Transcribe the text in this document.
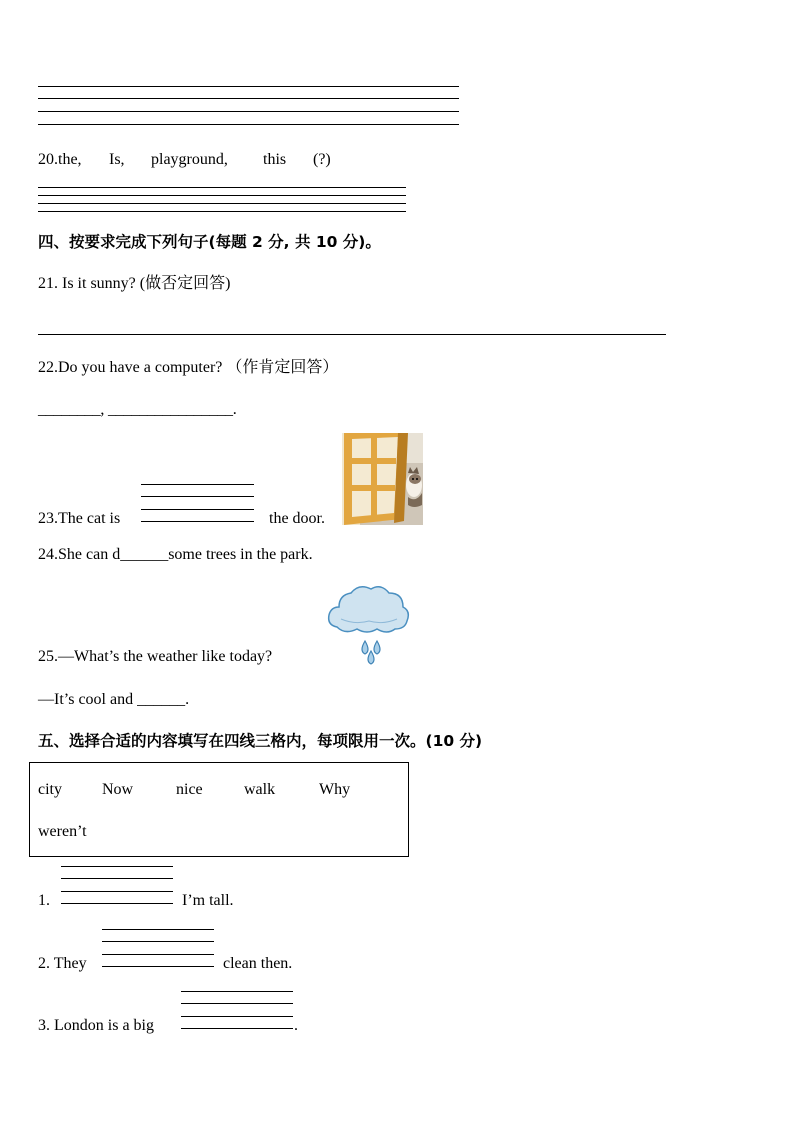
20.the, Is, playground, this (?)
四、按要求完成下列句子(每题 2 分, 共 10 分)。
21. Is it sunny? (做否定回答)
22.Do you have a computer? （作肯定回答）
________, ________________.
23.The cat is	the door.
24.She can d______some trees in the park.
25.—What’s the weather like today?
—It’s cool and ______.
五、选择合适的内容填写在四线三格内，每项限用一次。(10 分)
city	Now	nice	walk	Why
weren’t
1.	I’m tall.
2. They	clean then.
3. London is a big	.
